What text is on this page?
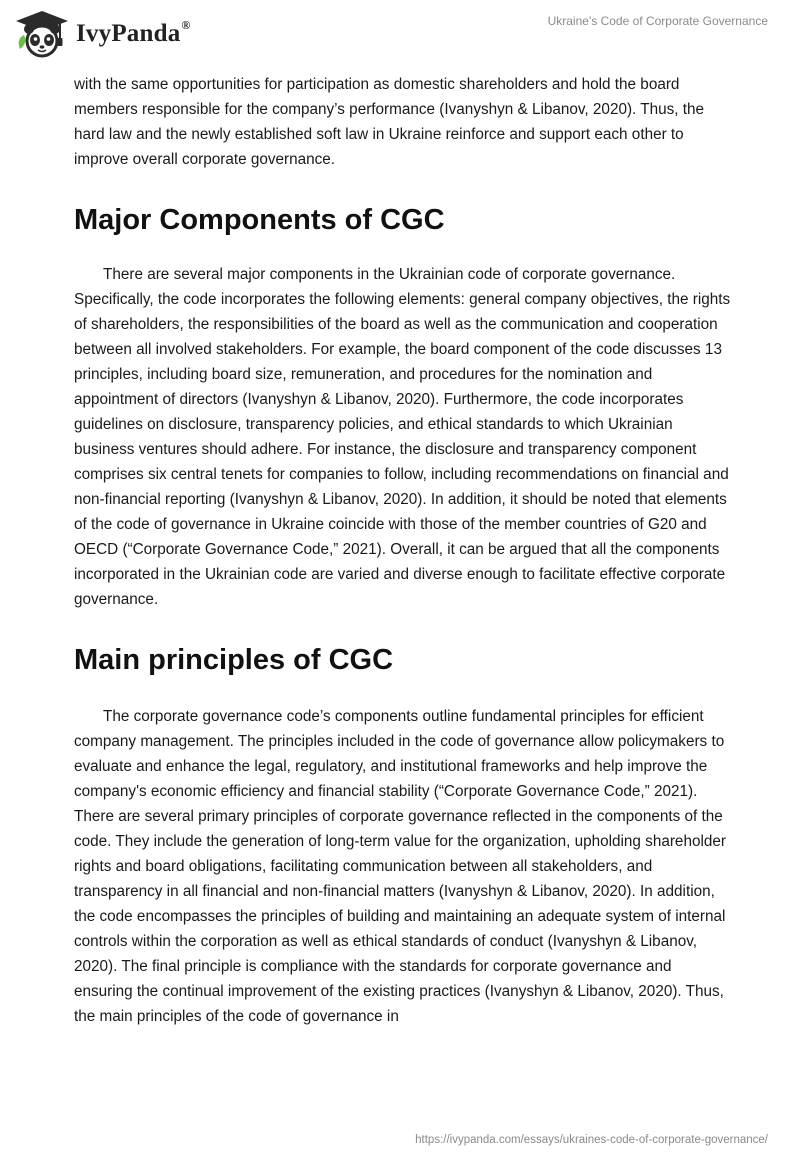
IvyPanda®	Ukraine's Code of Corporate Governance

with the same opportunities for participation as domestic shareholders and hold the board members responsible for the company’s performance (Ivanyshyn & Libanov, 2020). Thus, the hard law and the newly established soft law in Ukraine reinforce and support each other to improve overall corporate governance.

Major Components of CGC

There are several major components in the Ukrainian code of corporate governance. Specifically, the code incorporates the following elements: general company objectives, the rights of shareholders, the responsibilities of the board as well as the communication and cooperation between all involved stakeholders. For example, the board component of the code discusses 13 principles, including board size, remuneration, and procedures for the nomination and appointment of directors (Ivanyshyn & Libanov, 2020). Furthermore, the code incorporates guidelines on disclosure, transparency policies, and ethical standards to which Ukrainian business ventures should adhere. For instance, the disclosure and transparency component comprises six central tenets for companies to follow, including recommendations on financial and non-financial reporting (Ivanyshyn & Libanov, 2020). In addition, it should be noted that elements of the code of governance in Ukraine coincide with those of the member countries of G20 and OECD (“Corporate Governance Code,” 2021). Overall, it can be argued that all the components incorporated in the Ukrainian code are varied and diverse enough to facilitate effective corporate governance.

Main principles of CGC

The corporate governance code’s components outline fundamental principles for efficient company management. The principles included in the code of governance allow policymakers to evaluate and enhance the legal, regulatory, and institutional frameworks and help improve the company's economic efficiency and financial stability (“Corporate Governance Code,” 2021). There are several primary principles of corporate governance reflected in the components of the code. They include the generation of long-term value for the organization, upholding shareholder rights and board obligations, facilitating communication between all stakeholders, and transparency in all financial and non-financial matters (Ivanyshyn & Libanov, 2020). In addition, the code encompasses the principles of building and maintaining an adequate system of internal controls within the corporation as well as ethical standards of conduct (Ivanyshyn & Libanov, 2020). The final principle is compliance with the standards for corporate governance and ensuring the continual improvement of the existing practices (Ivanyshyn & Libanov, 2020). Thus, the main principles of the code of governance in

https://ivypanda.com/essays/ukraines-code-of-corporate-governance/
